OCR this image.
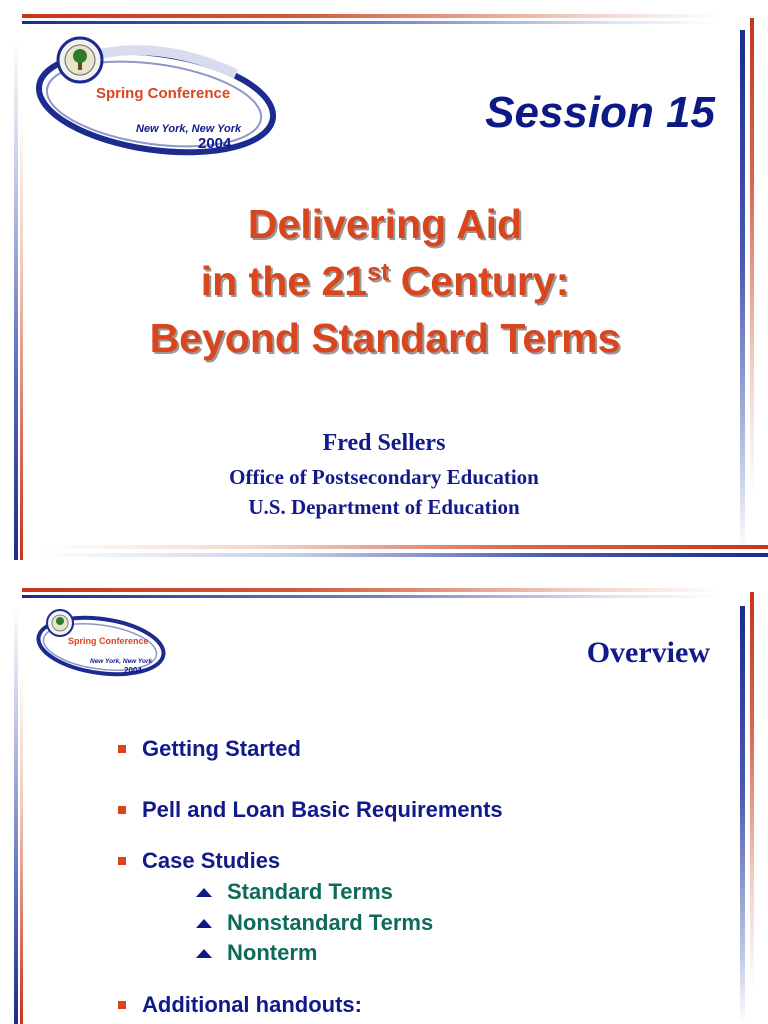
Spring Conference
New York, New York
2004
Session 15
Delivering Aid
in the 21st Century:
Beyond Standard Terms
Fred Sellers
Office of Postsecondary Education
U.S. Department of Education
Spring Conference
New York, New York
2004
Overview
Getting Started
Pell and Loan Basic Requirements
Case Studies
Standard Terms
Nonstandard Terms
Nonterm
Additional handouts:
